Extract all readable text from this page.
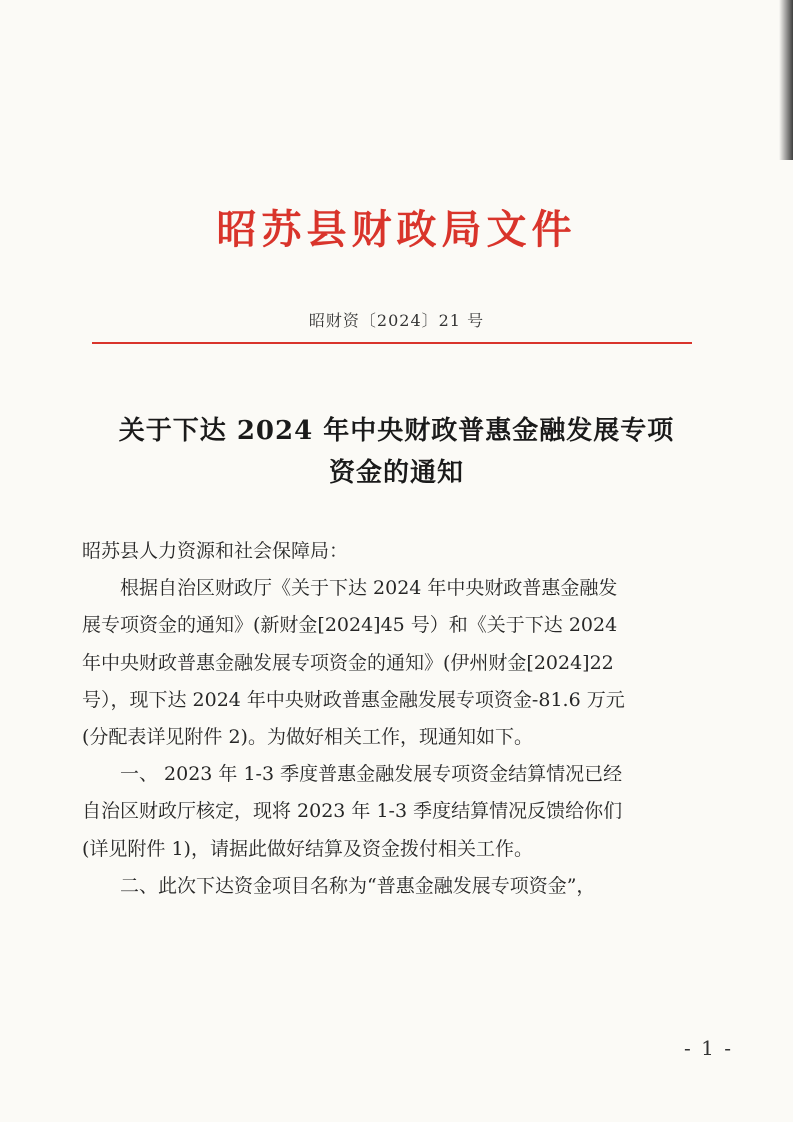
昭苏县财政局文件
昭财资〔2024〕21 号
关于下达 2024 年中央财政普惠金融发展专项
资金的通知

昭苏县人力资源和社会保障局：

　　根据自治区财政厅《关于下达 2024 年中央财政普惠金融发

展专项资金的通知》(新财金[2024]45 号）和《关于下达 2024

年中央财政普惠金融发展专项资金的通知》(伊州财金[2024]22

号），现下达 2024 年中央财政普惠金融发展专项资金-81.6 万元

(分配表详见附件 2)。为做好相关工作，现通知如下。

　　一、 2023 年 1-3 季度普惠金融发展专项资金结算情况已经

自治区财政厅核定，现将 2023 年 1-3 季度结算情况反馈给你们

(详见附件 1)，请据此做好结算及资金拨付相关工作。

　　二、此次下达资金项目名称为“普惠金融发展专项资金”，

- 1 -
